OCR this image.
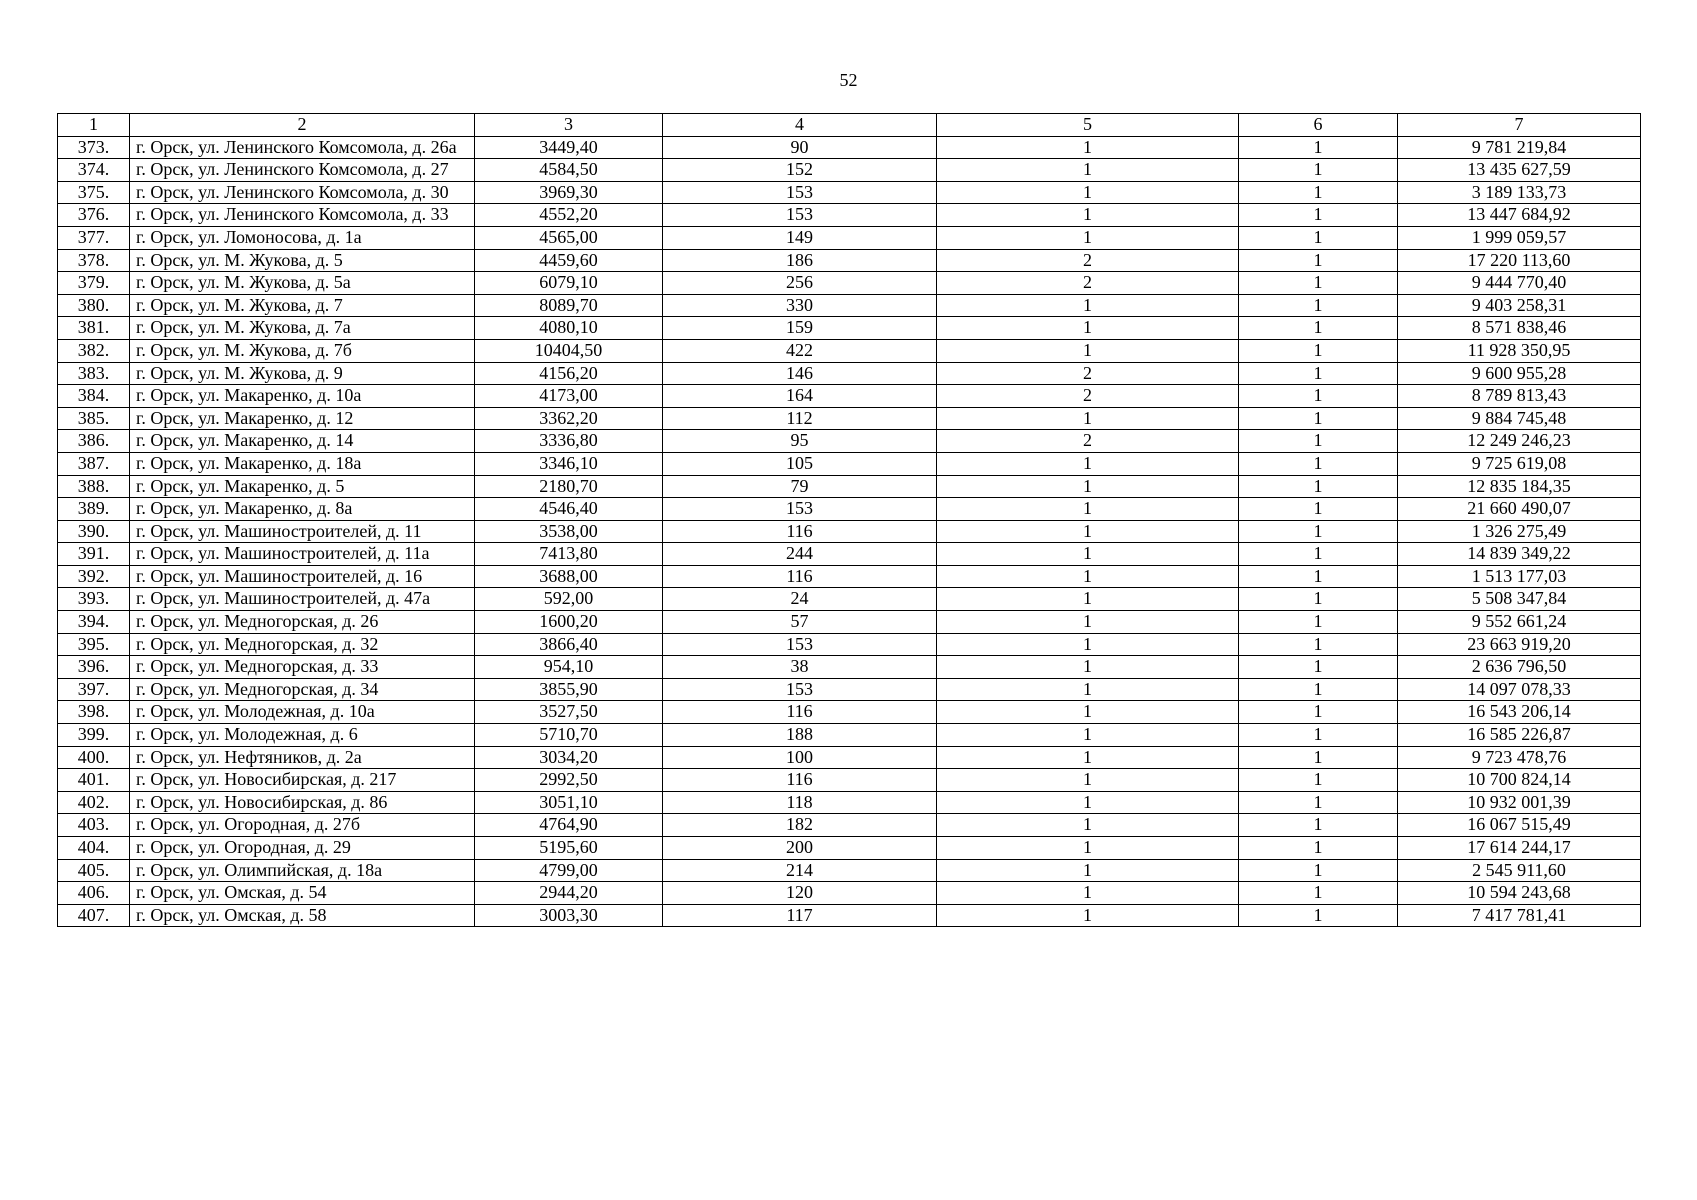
52
1	2	3	4	5	6	7
373.	г. Орск, ул. Ленинского Комсомола, д. 26а	3449,40	90	1	1	9 781 219,84
374.	г. Орск, ул. Ленинского Комсомола, д. 27	4584,50	152	1	1	13 435 627,59
375.	г. Орск, ул. Ленинского Комсомола, д. 30	3969,30	153	1	1	3 189 133,73
376.	г. Орск, ул. Ленинского Комсомола, д. 33	4552,20	153	1	1	13 447 684,92
377.	г. Орск, ул. Ломоносова, д. 1а	4565,00	149	1	1	1 999 059,57
378.	г. Орск, ул. М. Жукова, д. 5	4459,60	186	2	1	17 220 113,60
379.	г. Орск, ул. М. Жукова, д. 5а	6079,10	256	2	1	9 444 770,40
380.	г. Орск, ул. М. Жукова, д. 7	8089,70	330	1	1	9 403 258,31
381.	г. Орск, ул. М. Жукова, д. 7а	4080,10	159	1	1	8 571 838,46
382.	г. Орск, ул. М. Жукова, д. 7б	10404,50	422	1	1	11 928 350,95
383.	г. Орск, ул. М. Жукова, д. 9	4156,20	146	2	1	9 600 955,28
384.	г. Орск, ул. Макаренко, д. 10а	4173,00	164	2	1	8 789 813,43
385.	г. Орск, ул. Макаренко, д. 12	3362,20	112	1	1	9 884 745,48
386.	г. Орск, ул. Макаренко, д. 14	3336,80	95	2	1	12 249 246,23
387.	г. Орск, ул. Макаренко, д. 18а	3346,10	105	1	1	9 725 619,08
388.	г. Орск, ул. Макаренко, д. 5	2180,70	79	1	1	12 835 184,35
389.	г. Орск, ул. Макаренко, д. 8а	4546,40	153	1	1	21 660 490,07
390.	г. Орск, ул. Машиностроителей, д. 11	3538,00	116	1	1	1 326 275,49
391.	г. Орск, ул. Машиностроителей, д. 11а	7413,80	244	1	1	14 839 349,22
392.	г. Орск, ул. Машиностроителей, д. 16	3688,00	116	1	1	1 513 177,03
393.	г. Орск, ул. Машиностроителей, д. 47а	592,00	24	1	1	5 508 347,84
394.	г. Орск, ул. Медногорская, д. 26	1600,20	57	1	1	9 552 661,24
395.	г. Орск, ул. Медногорская, д. 32	3866,40	153	1	1	23 663 919,20
396.	г. Орск, ул. Медногорская, д. 33	954,10	38	1	1	2 636 796,50
397.	г. Орск, ул. Медногорская, д. 34	3855,90	153	1	1	14 097 078,33
398.	г. Орск, ул. Молодежная, д. 10а	3527,50	116	1	1	16 543 206,14
399.	г. Орск, ул. Молодежная, д. 6	5710,70	188	1	1	16 585 226,87
400.	г. Орск, ул. Нефтяников, д. 2а	3034,20	100	1	1	9 723 478,76
401.	г. Орск, ул. Новосибирская, д. 217	2992,50	116	1	1	10 700 824,14
402.	г. Орск, ул. Новосибирская, д. 86	3051,10	118	1	1	10 932 001,39
403.	г. Орск, ул. Огородная, д. 27б	4764,90	182	1	1	16 067 515,49
404.	г. Орск, ул. Огородная, д. 29	5195,60	200	1	1	17 614 244,17
405.	г. Орск, ул. Олимпийская, д. 18а	4799,00	214	1	1	2 545 911,60
406.	г. Орск, ул. Омская, д. 54	2944,20	120	1	1	10 594 243,68
407.	г. Орск, ул. Омская, д. 58	3003,30	117	1	1	7 417 781,41
